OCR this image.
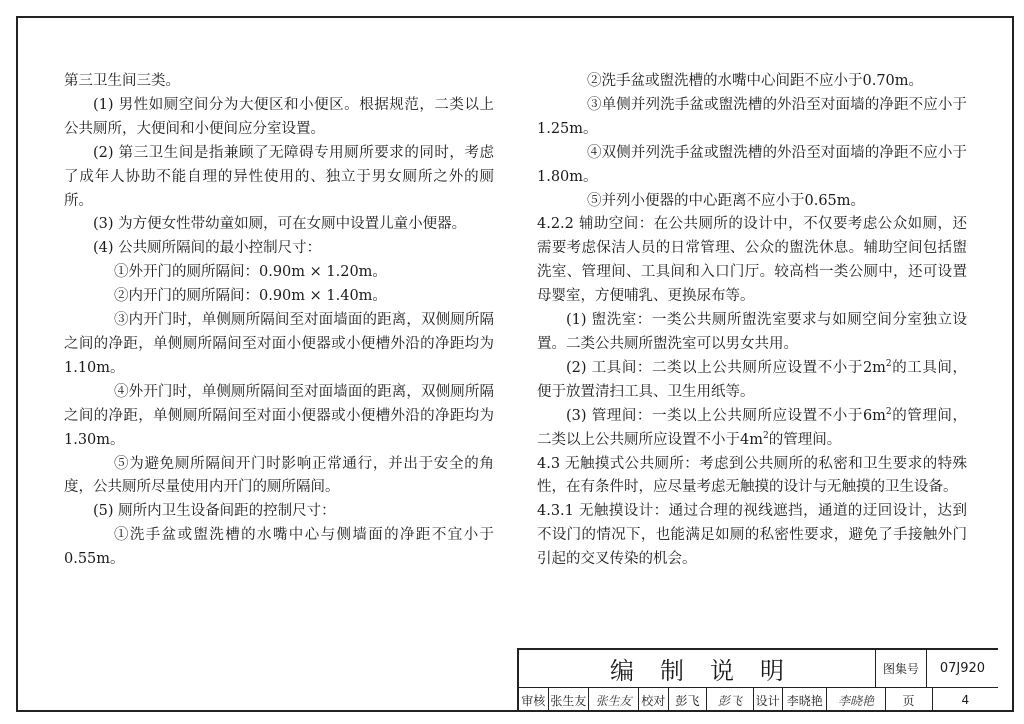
第三卫生间三类。

(1) 男性如厕空间分为大便区和小便区。根据规范，二类以上公共厕所，大便间和小便间应分室设置。

(2) 第三卫生间是指兼顾了无障碍专用厕所要求的同时，考虑了成年人协助不能自理的异性使用的、独立于男女厕所之外的厕所。

(3) 为方便女性带幼童如厕，可在女厕中设置儿童小便器。

(4) 公共厕所隔间的最小控制尺寸：

①外开门的厕所隔间：0.90m × 1.20m。

②内开门的厕所隔间：0.90m × 1.40m。

③内开门时，单侧厕所隔间至对面墙面的距离，双侧厕所隔之间的净距，单侧厕所隔间至对面小便器或小便槽外沿的净距均为1.10m。

④外开门时，单侧厕所隔间至对面墙面的距离，双侧厕所隔之间的净距，单侧厕所隔间至对面小便器或小便槽外沿的净距均为1.30m。

⑤为避免厕所隔间开门时影响正常通行，并出于安全的角度，公共厕所尽量使用内开门的厕所隔间。

(5) 厕所内卫生设备间距的控制尺寸：

①洗手盆或盥洗槽的水嘴中心与侧墙面的净距不宜小于0.55m。

②洗手盆或盥洗槽的水嘴中心间距不应小于0.70m。

③单侧并列洗手盆或盥洗槽的外沿至对面墙的净距不应小于1.25m。

④双侧并列洗手盆或盥洗槽的外沿至对面墙的净距不应小于1.80m。

⑤并列小便器的中心距离不应小于0.65m。

4.2.2 辅助空间：在公共厕所的设计中，不仅要考虑公众如厕，还需要考虑保洁人员的日常管理、公众的盥洗休息。辅助空间包括盥洗室、管理间、工具间和入口门厅。较高档一类公厕中，还可设置母婴室，方便哺乳、更换尿布等。

(1) 盥洗室：一类公共厕所盥洗室要求与如厕空间分室独立设置。二类公共厕所盥洗室可以男女共用。

(2) 工具间：二类以上公共厕所应设置不小于$2m^2$的工具间，便于放置清扫工具、卫生用纸等。

(3) 管理间：一类以上公共厕所应设置不小于$6m^2$的管理间，二类以上公共厕所应设置不小于$4m^2$的管理间。

4.3 无触摸式公共厕所：考虑到公共厕所的私密和卫生要求的特殊性，在有条件时，应尽量考虑无触摸的设计与无触摸的卫生设备。

4.3.1 无触摸设计：通过合理的视线遮挡，通道的迂回设计，达到不设门的情况下，也能满足如厕的私密性要求，避免了手接触外门引起的交叉传染的机会。

编制说明	图集号	07J920
审核 张生友 张生友 校对 彭飞	彭飞	设计 李晓艳	李晓艳	页	4
